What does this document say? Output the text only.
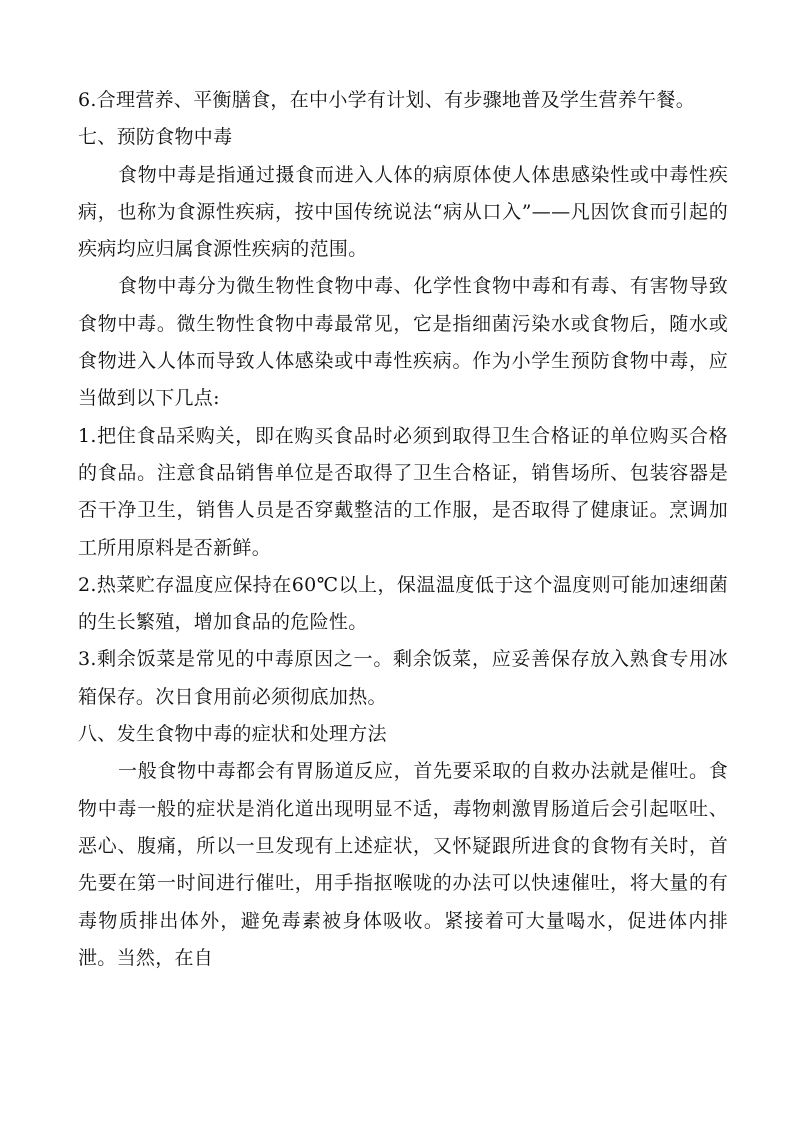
6.合理营养、平衡膳食，在中小学有计划、有步骤地普及学生营养午餐。

七、预防食物中毒

食物中毒是指通过摄食而进入人体的病原体使人体患感染性或中毒性疾病，也称为食源性疾病，按中国传统说法“病从口入”——凡因饮食而引起的疾病均应归属食源性疾病的范围。

食物中毒分为微生物性食物中毒、化学性食物中毒和有毒、有害物导致食物中毒。微生物性食物中毒最常见，它是指细菌污染水或食物后，随水或食物进入人体而导致人体感染或中毒性疾病。作为小学生预防食物中毒，应当做到以下几点:

1.把住食品采购关，即在购买食品时必须到取得卫生合格证的单位购买合格的食品。注意食品销售单位是否取得了卫生合格证，销售场所、包装容器是否干净卫生，销售人员是否穿戴整洁的工作服，是否取得了健康证。烹调加工所用原料是否新鲜。

2.热菜贮存温度应保持在60℃以上，保温温度低于这个温度则可能加速细菌的生长繁殖，增加食品的危险性。

3.剩余饭菜是常见的中毒原因之一。剩余饭菜，应妥善保存放入熟食专用冰箱保存。次日食用前必须彻底加热。

八、发生食物中毒的症状和处理方法

一般食物中毒都会有胃肠道反应，首先要采取的自救办法就是催吐。食物中毒一般的症状是消化道出现明显不适，毒物刺激胃肠道后会引起呕吐、恶心、腹痛，所以一旦发现有上述症状，又怀疑跟所进食的食物有关时，首先要在第一时间进行催吐，用手指抠喉咙的办法可以快速催吐，将大量的有毒物质排出体外，避免毒素被身体吸收。紧接着可大量喝水，促进体内排泄。当然，在自
